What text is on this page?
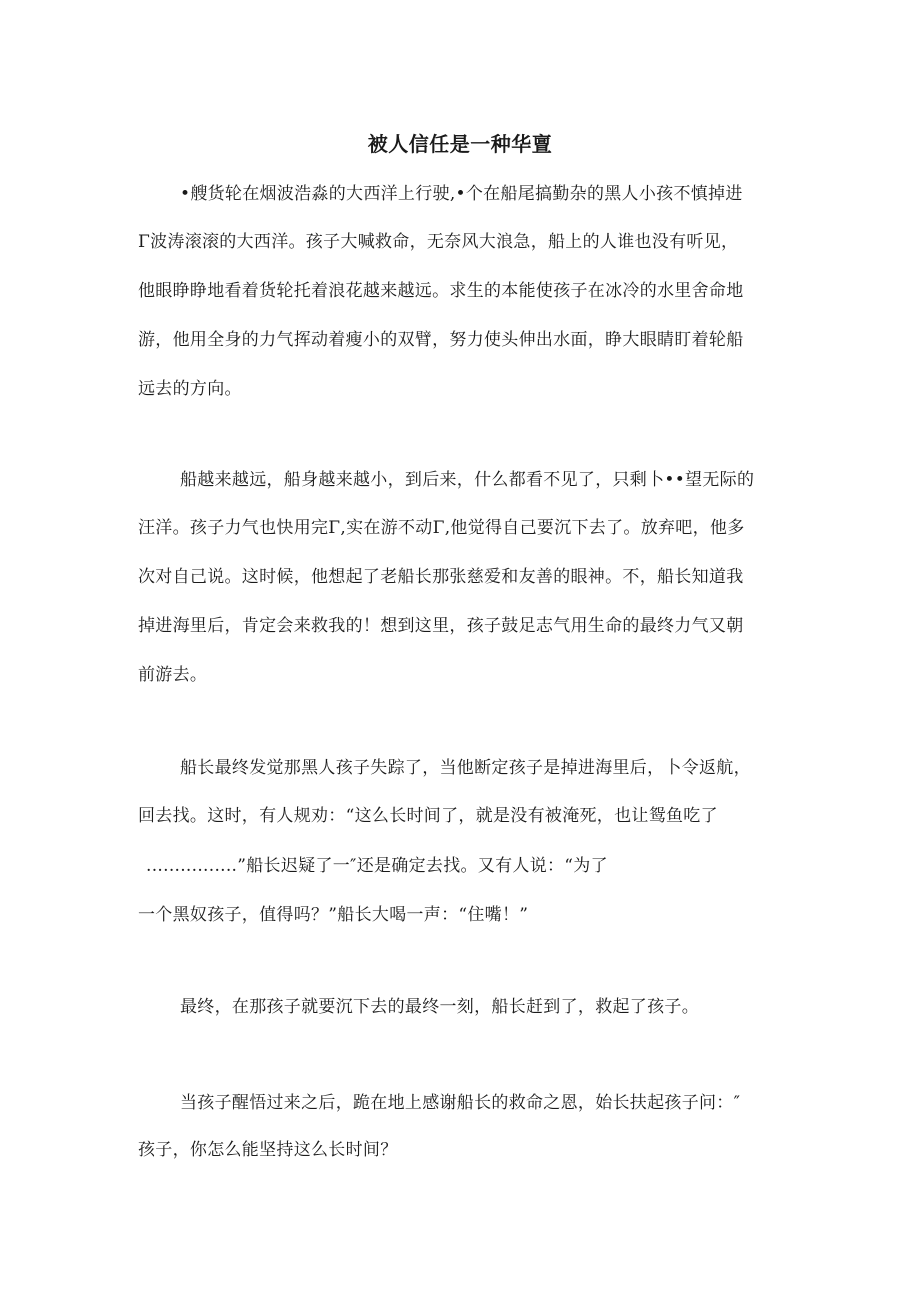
被人信任是一种华亶
•艘货轮在烟波浩淼的大西洋上行驶,•个在船尾搞勤杂的黑人小孩不慎掉进
Γ波涛滚滚的大西洋。孩子大喊救命，无奈风大浪急，船上的人谁也没有听见，
他眼睁睁地看着货轮托着浪花越来越远。求生的本能使孩子在冰冷的水里舍命地
游，他用全身的力气挥动着瘦小的双臂，努力使头伸出水面，睁大眼睛盯着轮船
远去的方向。
船越来越远，船身越来越小，到后来，什么都看不见了，只剩卜••望无际的
汪洋。孩子力气也快用完Γ,实在游不动Γ,他觉得自己要沉下去了。放弃吧，他多
次对自己说。这时候，他想起了老船长那张慈爱和友善的眼神。不，船长知道我
掉进海里后，肯定会来救我的！想到这里，孩子鼓足志气用生命的最终力气又朝
前游去。
船长最终发觉那黑人孩子失踪了，当他断定孩子是掉进海里后，卜令返航，
回去找。这时，有人规劝：“这么长时间了，就是没有被淹死，也让鸳鱼吃了
................”船长迟疑了一″还是确定去找。又有人说：“为了
一个黑奴孩子，值得吗？”船长大喝一声：“住嘴！”
最终，在那孩子就要沉下去的最终一刻，船长赶到了，救起了孩子。
当孩子醒悟过来之后，跪在地上感谢船长的救命之恩，始长扶起孩子问：″
孩子，你怎么能坚持这么长时间？
